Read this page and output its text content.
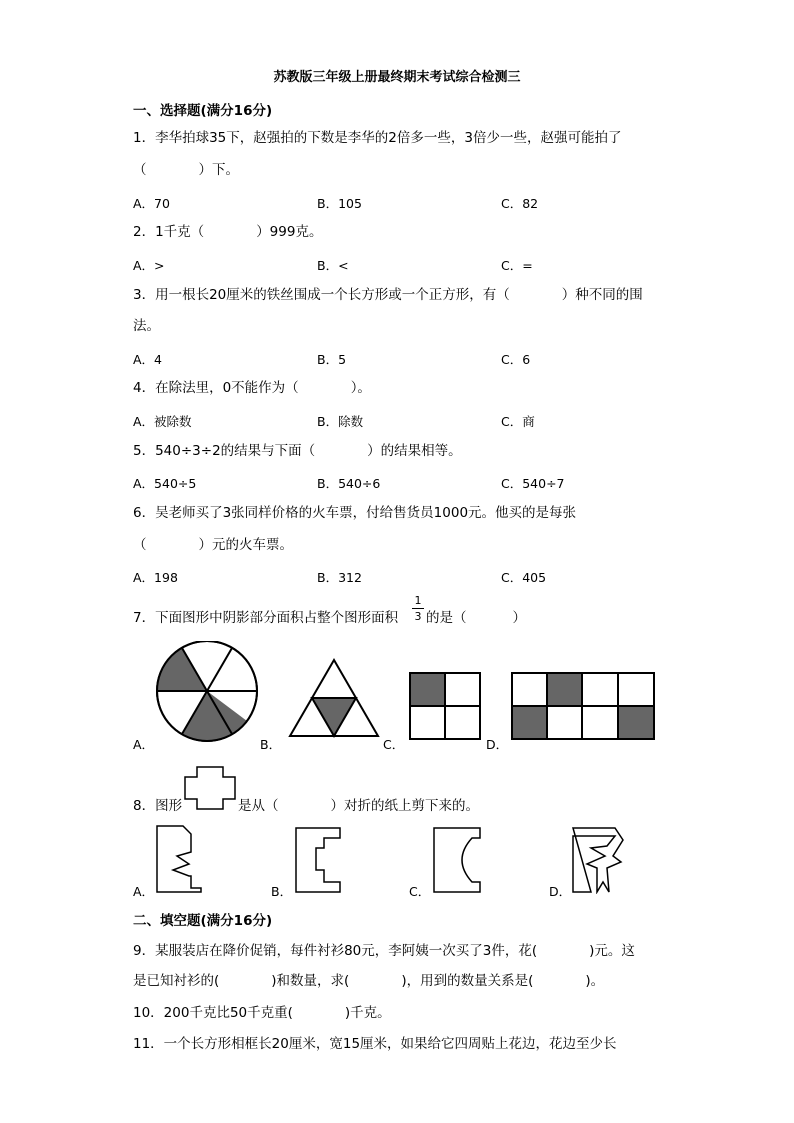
苏教版三年级上册最终期末考试综合检测三
一、选择题(满分16分)
1．李华拍球35下，赵强拍的下数是李华的2倍多一些，3倍少一些，赵强可能拍了
（	）下。
A．70	B．105	C．82
2．1千克（	）999克。
A．>	B．<	C．=
3．用一根长20厘米的铁丝围成一个长方形或一个正方形，有（	）种不同的围
法。
A．4	B．5	C．6
4．在除法里，0不能作为（	）。
A．被除数	B．除数	C．商
5．540÷3÷2的结果与下面（	）的结果相等。
A．540÷5	B．540÷6	C．540÷7
6．吴老师买了3张同样价格的火车票，付给售货员1000元。他买的是每张
（	）元的火车票。
A．198	B．312	C．405
7．下面图形中阴影部分面积占整个图形面积
1
3 的是（	）
A．	B．	C．	D．
8．图形	是从（	）对折的纸上剪下来的。
A．	B．	C．	D．
二、填空题(满分16分)
9．某服装店在降价促销，每件衬衫80元，李阿姨一次买了3件，花(	)元。这
是已知衬衫的(	)和数量，求(	)，用到的数量关系是(	)。
10．200千克比50千克重(	)千克。
11．一个长方形相框长20厘米，宽15厘米，如果给它四周贴上花边，花边至少长
